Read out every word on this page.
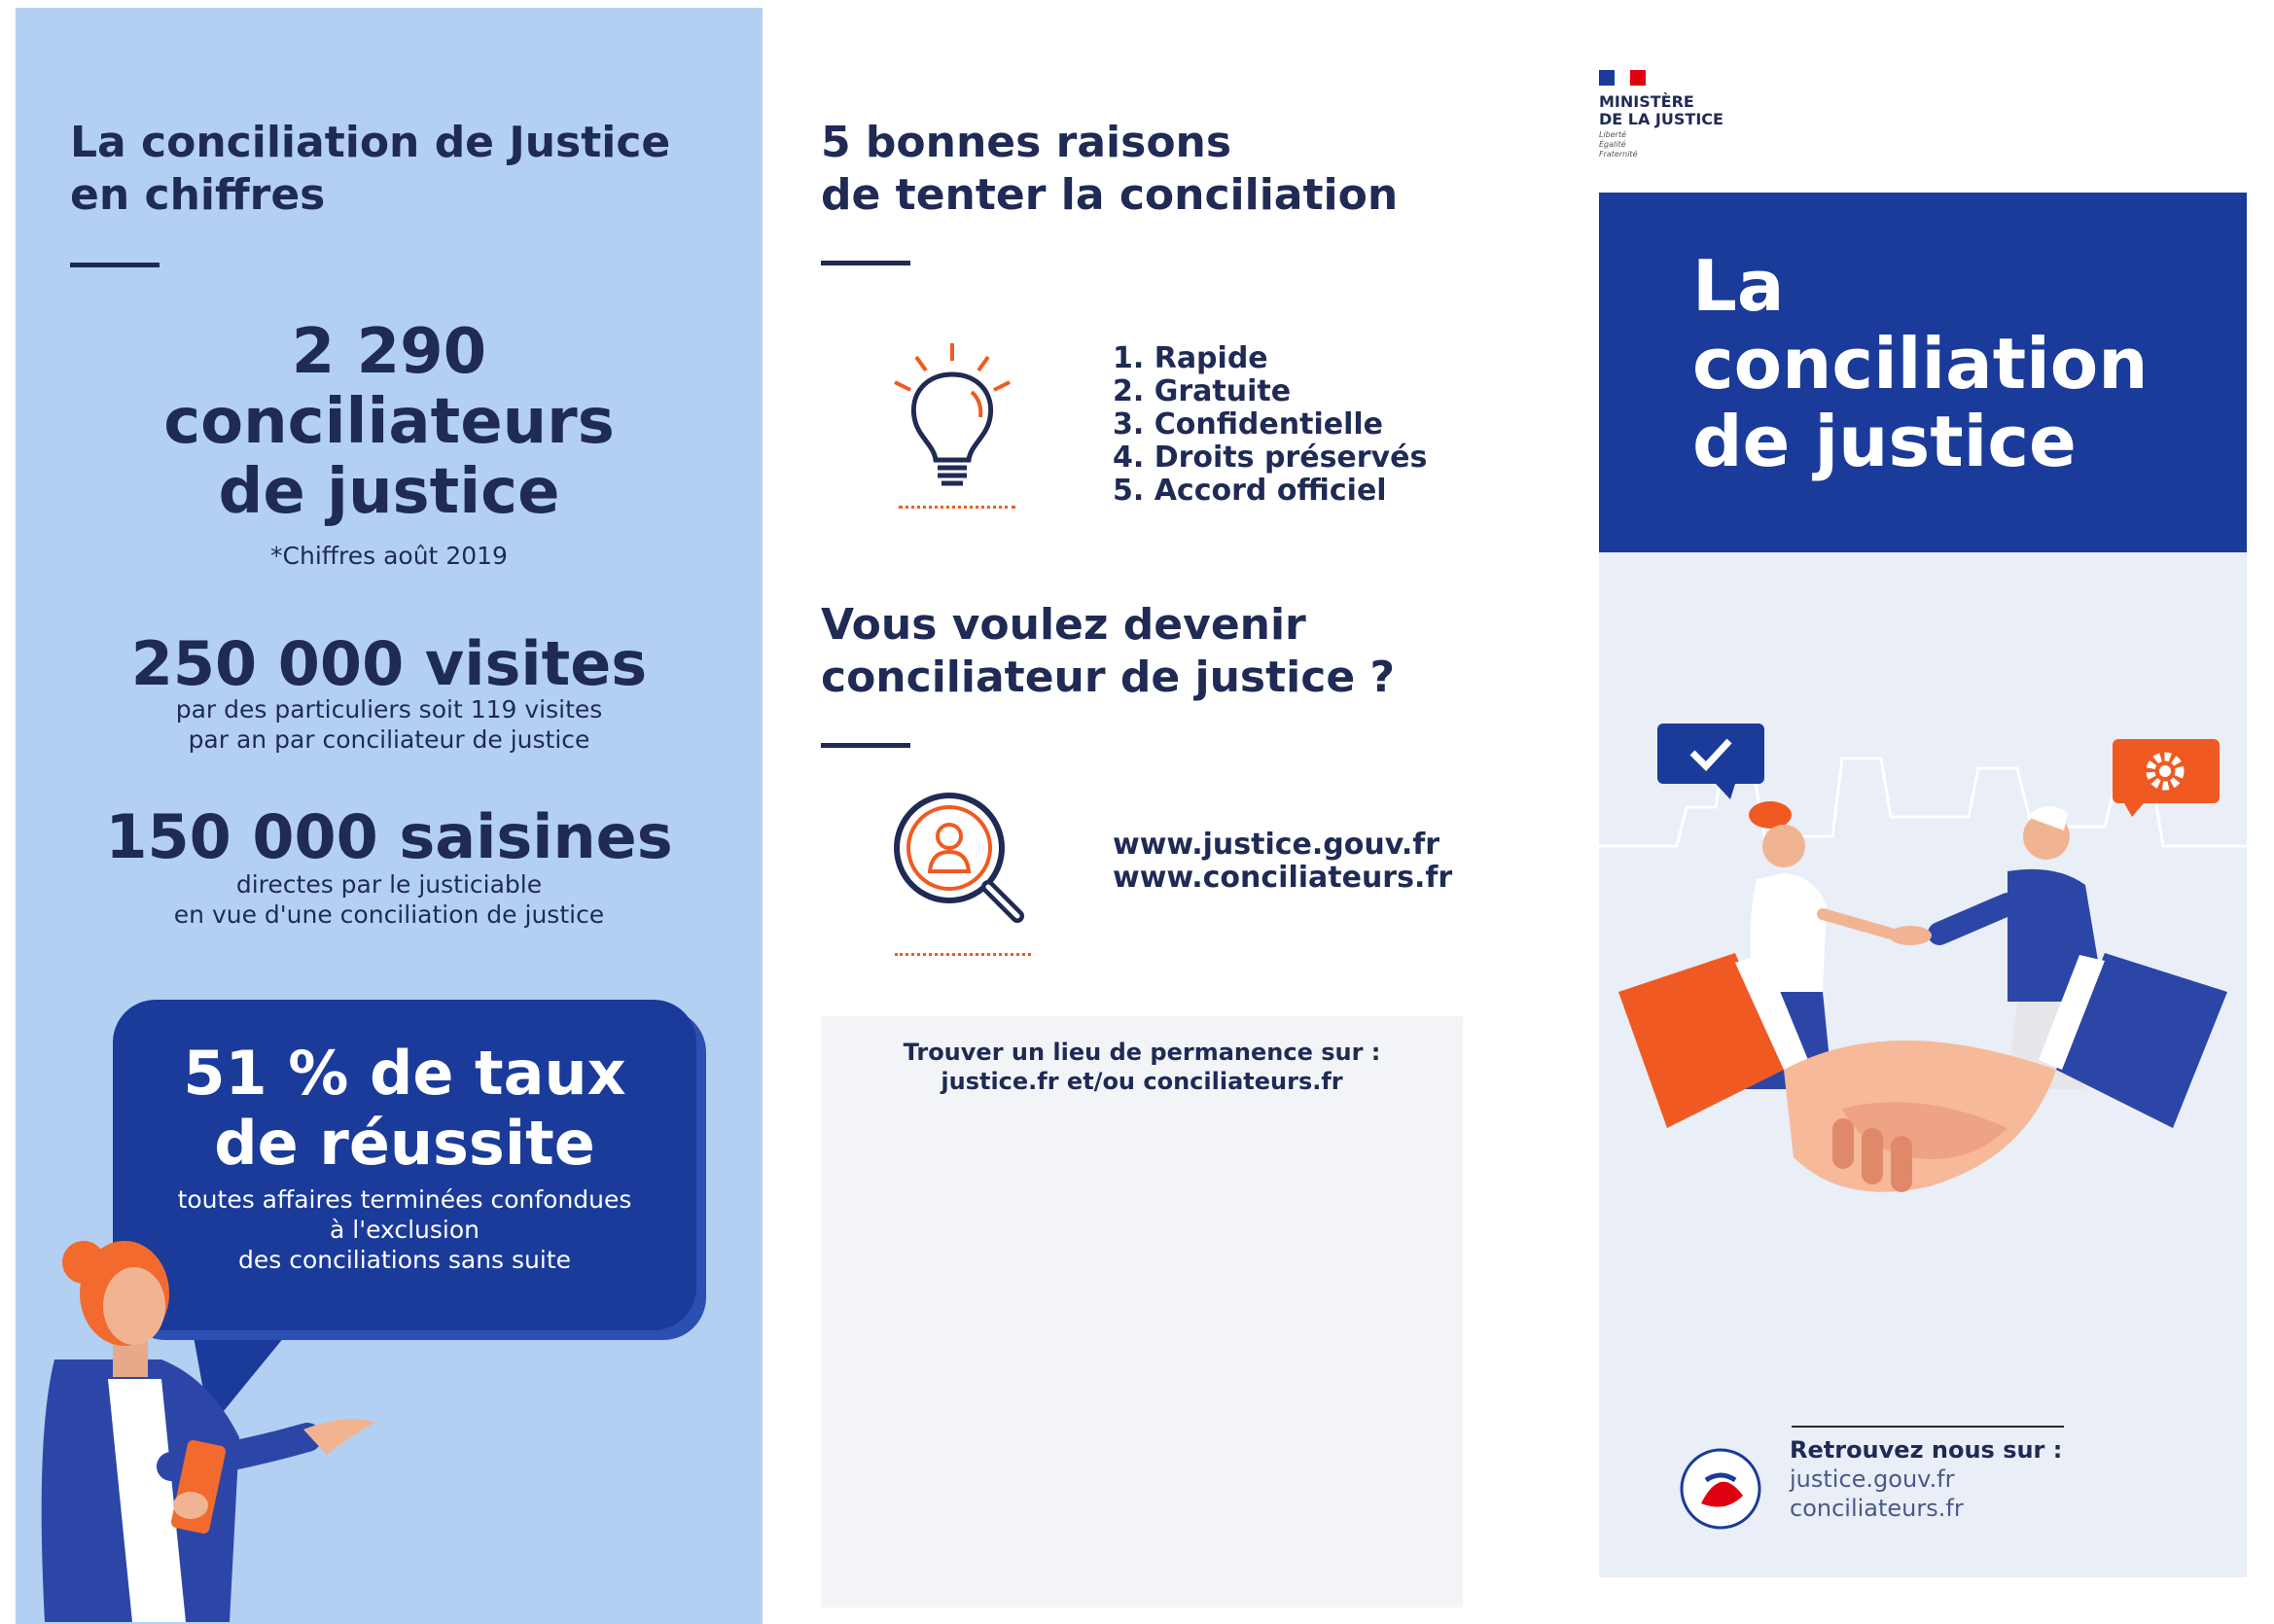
La conciliation de Justice
en chiffres
2 290
conciliateurs
de justice
*Chiffres août 2019
250 000 visites
par des particuliers soit 119 visites
par an par conciliateur de justice
150 000 saisines
directes par le justiciable
en vue d'une conciliation de justice
51 % de taux
de réussite
toutes affaires terminées confondues
à l'exclusion
des conciliations sans suite
5 bonnes raisons
de tenter la conciliation
1. Rapide
2. Gratuite
3. Confidentielle
4. Droits préservés
5. Accord officiel
Vous voulez devenir
conciliateur de justice ?
www.justice.gouv.fr
www.conciliateurs.fr
Trouver un lieu de permanence sur :
justice.fr et/ou conciliateurs.fr
MINISTÈRE
DE LA JUSTICE
Liberté
Égalité
Fraternité
La
conciliation
de justice
Retrouvez nous sur :
justice.gouv.fr
conciliateurs.fr
